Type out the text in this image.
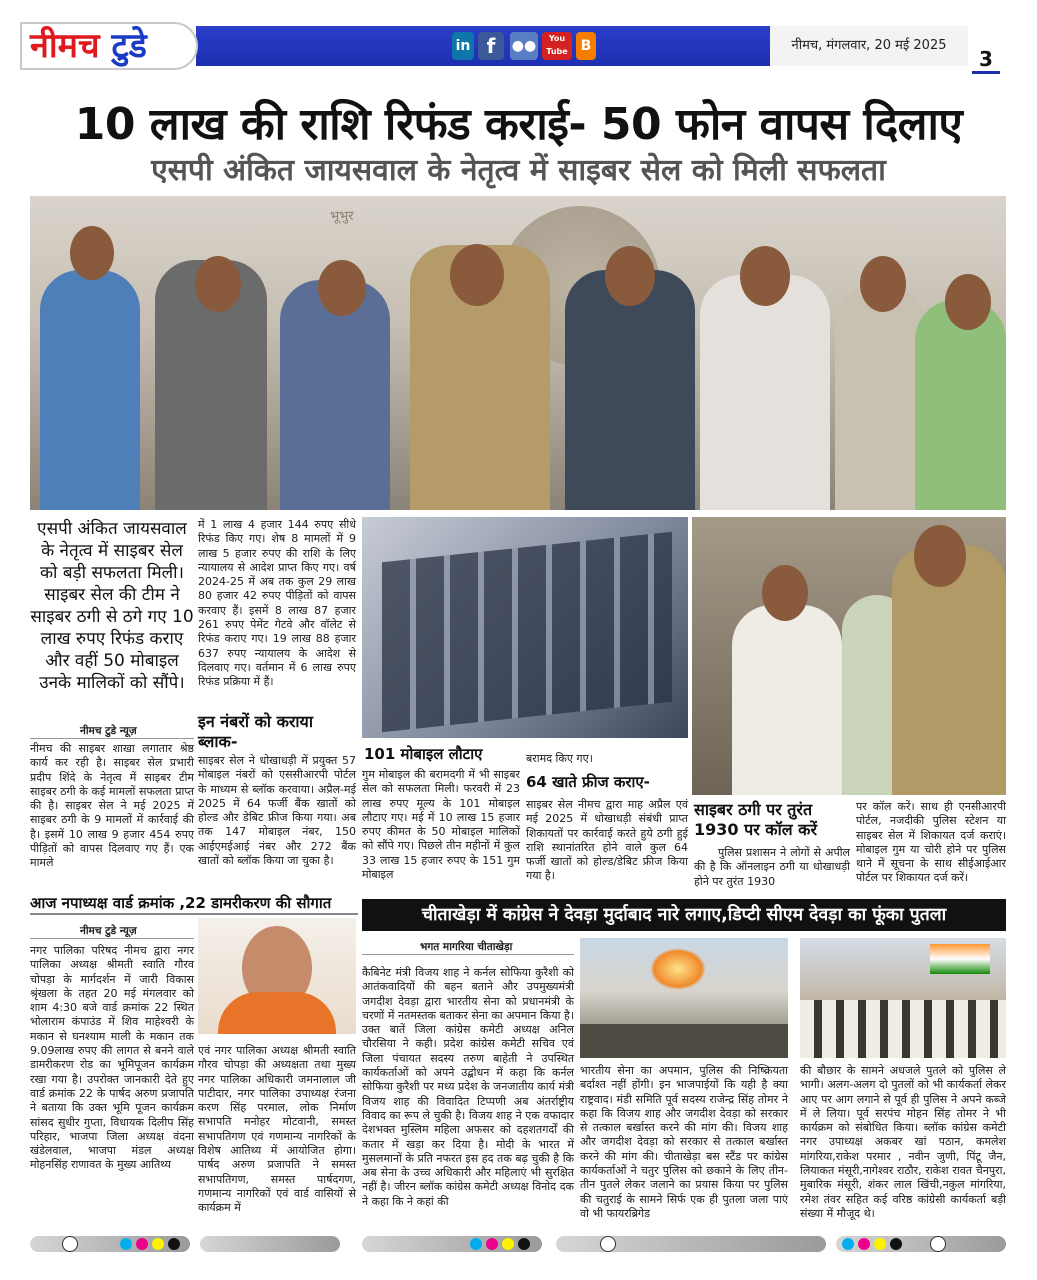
नीमच टुडे	in f	●●	You Tube B	नीमच, मंगलवार, 20 मई 2025
3
10 लाख की राशि रिफंड कराई- 50 फोन वापस दिलाए
एसपी अंकित जायसवाल के नेतृत्व में साइबर सेल को मिली सफलता
भूभुर
एसपी अंकित जायसवाल के नेतृत्व में साइबर सेल को बड़ी सफलता मिली। साइबर सेल की टीम ने साइबर ठगी से ठगे गए 10 लाख रुपए रिफंड कराए और वहीं 50 मोबाइल उनके मालिकों को सौंपे।
नीमच टुडे न्यूज़
नीमच की साइबर शाखा लगातार श्रेष्ठ कार्य कर रही है। साइबर सेल प्रभारी प्रदीप शिंदे के नेतृत्व में साइबर टीम साइबर ठगी के कई मामलों सफलता प्राप्त की है। साइबर सेल ने मई 2025 में साइबर ठगी के 9 मामलों में कार्रवाई की है। इसमें 10 लाख 9 हजार 454 रुपए पीड़ितों को वापस दिलवाए गए हैं। एक मामले
में 1 लाख 4 हजार 144 रुपए सीधे रिफंड किए गए। शेष 8 मामलों में 9 लाख 5 हजार रुपए की राशि के लिए न्यायालय से आदेश प्राप्त किए गए। वर्ष 2024-25 में अब तक कुल 29 लाख 80 हजार 42 रुपए पीड़ितों को वापस करवाए हैं। इसमें 8 लाख 87 हजार 261 रुपए पेमेंट गेटवे और वॉलेट से रिफंड कराए गए। 19 लाख 88 हजार 637 रुपए न्यायालय के आदेश से दिलवाए गए। वर्तमान में 6 लाख रुपए रिफंड प्रक्रिया में हैं।
इन नंबरों को कराया ब्लाक-
साइबर सेल ने धोखाधड़ी में प्रयुक्त 57 मोबाइल नंबरों को एससीआरपी पोर्टल के माध्यम से ब्लॉक करवाया। अप्रैल-मई 2025 में 64 फर्जी बैंक खातों को होल्ड और डेबिट फ्रीज किया गया। अब तक 147 मोबाइल नंबर, 150 आईएमईआई नंबर और 272 बैंक खातों को ब्लॉक किया जा चुका है।
101 मोबाइल लौटाए
गुम मोबाइल की बरामदगी में भी साइबर सेल को सफलता मिली। फरवरी में 23 लाख रुपए मूल्य के 101 मोबाइल लौटाए गए। मई में 10 लाख 15 हजार रुपए कीमत के 50 मोबाइल मालिकों को सौंपे गए। पिछले तीन महीनों में कुल 33 लाख 15 हजार रुपए के 151 गुम मोबाइल
बरामद किए गए।
64 खाते फ्रीज कराए-
साइबर सेल नीमच द्वारा माह अप्रैल एवं मई 2025 में धोखाधड़ी संबंधी प्राप्त शिकायतों पर कार्रवाई करते हुये ठगी हुई राशि स्थानांतरित होने वाले कुल 64 फर्जी खातों को होल्ड/डेबिट फ्रीज किया गया है।
साइबर ठगी पर तुरंत 1930 पर कॉल करें
पुलिस प्रशासन ने लोगों से अपील की है कि ऑनलाइन ठगी या धोखाधड़ी होने पर तुरंत 1930
पर कॉल करें। साथ ही एनसीआरपी पोर्टल, नजदीकी पुलिस स्टेशन या साइबर सेल में शिकायत दर्ज कराएं। मोबाइल गुम या चोरी होने पर पुलिस थाने में सूचना के साथ सीईआईआर पोर्टल पर शिकायत दर्ज करें।
आज नपाध्यक्ष वार्ड क्रमांक ,22 डामरीकरण की सौगात
नीमच टुडे न्यूज़
नगर पालिका परिषद नीमच द्वारा नगर पालिका अध्यक्ष श्रीमती स्वाति गौरव चोपड़ा के मार्गदर्शन में जारी विकास श्रृंखला के तहत 20 मई मंगलवार को शाम 4:30 बजे वार्ड क्रमांक 22 स्थित भोलाराम कंपाउंड में शिव माहेश्वरी के मकान से घनश्याम माली के मकान तक 9.09लाख रुपए की लागत से बनने वाले डामरीकरण रोड का भूमिपूजन कार्यक्रम रखा गया है। उपरोक्त जानकारी देते हुए वार्ड क्रमांक 22 के पार्षद अरुण प्रजापति ने बताया कि उक्त भूमि पूजन कार्यक्रम सांसद सुधीर गुप्ता, विधायक दिलीप सिंह परिहार, भाजपा जिला अध्यक्ष वंदना खंडेलवाल, भाजपा मंडल अध्यक्ष मोहनसिंह राणावत के मुख्य आतिथ्य
एवं नगर पालिका अध्यक्ष श्रीमती स्वाति गौरव चोपड़ा की अध्यक्षता तथा मुख्य नगर पालिका अधिकारी जमनालाल जी पाटीदार, नगर पालिका उपाध्यक्ष रंजना करण सिंह परमाल, लोक निर्माण सभापति मनोहर मोटवानी, समस्त सभापतिगण एवं गणमान्य नागरिकों के विशेष आतिथ्य में आयोजित होगा। पार्षद अरुण प्रजापति ने समस्त सभापतिगण, समस्त पार्षदगण, गणमान्य नागरिकों एवं वार्ड वासियों से कार्यक्रम में
चीताखेड़ा में कांग्रेस ने देवड़ा मुर्दाबाद नारे लगाए,डिप्टी सीएम देवड़ा का फूंका पुतला
भगत मागरिया चीताखेड़ा
कैबिनेट मंत्री विजय शाह ने कर्नल सोफिया कुरैशी को आतंकवादियों की बहन बताने और उपमुख्यमंत्री जगदीश देवड़ा द्वारा भारतीय सेना को प्रधानमंत्री के चरणों में नतमस्तक बताकर सेना का अपमान किया है। उक्त बातें जिला कांग्रेस कमेटी अध्यक्ष अनिल चौरसिया ने कही। प्रदेश कांग्रेस कमेटी सचिव एवं जिला पंचायत सदस्य तरुण बाहेती ने उपस्थित कार्यकर्ताओं को अपने उद्बोधन में कहा कि कर्नल सोफिया कुरैशी पर मध्य प्रदेश के जनजातीय कार्य मंत्री विजय शाह की विवादित टिप्पणी अब अंतर्राष्ट्रीय विवाद का रूप ले चुकी है। विजय शाह ने एक वफादार देशभक्त मुस्लिम महिला अफसर को दहशतगर्दों की कतार में खड़ा कर दिया है। मोदी के भारत में मुसलमानों के प्रति नफरत इस हद तक बढ़ चुकी है कि अब सेना के उच्च अधिकारी और महिलाएं भी सुरक्षित नहीं है। जीरन ब्लॉक कांग्रेस कमेटी अध्यक्ष विनोद दक ने कहा कि ने कहां की
भारतीय सेना का अपमान, पुलिस की निष्क्रियता बर्दाश्त नहीं होंगी। इन भाजपाईयों कि यही है क्या राष्ट्रवाद। मंडी समिति पूर्व सदस्य राजेन्द्र सिंह तोमर ने कहा कि विजय शाह और जगदीश देवड़ा को सरकार से तत्काल बर्खास्त करने की मांग की। विजय शाह और जगदीश देवड़ा को सरकार से तत्काल बर्खास्त करने की मांग की। चीताखेड़ा बस स्टैंड पर कांग्रेस कार्यकर्ताओं ने चतुर पुलिस को छकाने के लिए तीन-तीन पुतले लेकर जलाने का प्रयास किया पर पुलिस की चतुराई के सामने सिर्फ एक ही पुतला जला पाएं वो भी फायरब्रिगेड
की बौछार के सामने अधजले पुतले को पुलिस ले भागी। अलग-अलग दो पुतलों को भी कार्यकर्ता लेकर आए पर आग लगाने से पूर्व ही पुलिस ने अपने कब्जे में ले लिया। पूर्व सरपंच मोहन सिंह तोमर ने भी कार्यक्रम को संबोधित किया। ब्लॉक कांग्रेस कमेटी नगर उपाध्यक्ष अकबर खां पठान, कमलेश मांगरिया,राकेश परमार , नवीन जुणी, पिंटू जैन, लियाकत मंसूरी,नागेश्वर राठौर, राकेश रावत चैनपुरा, मुबारिक मंसूरी, शंकर लाल खिंची,नकुल मांगरिया, रमेश तंवर सहित कई वरिष्ठ कांग्रेसी कार्यकर्ता बड़ी संख्या में मौजूद थे।
